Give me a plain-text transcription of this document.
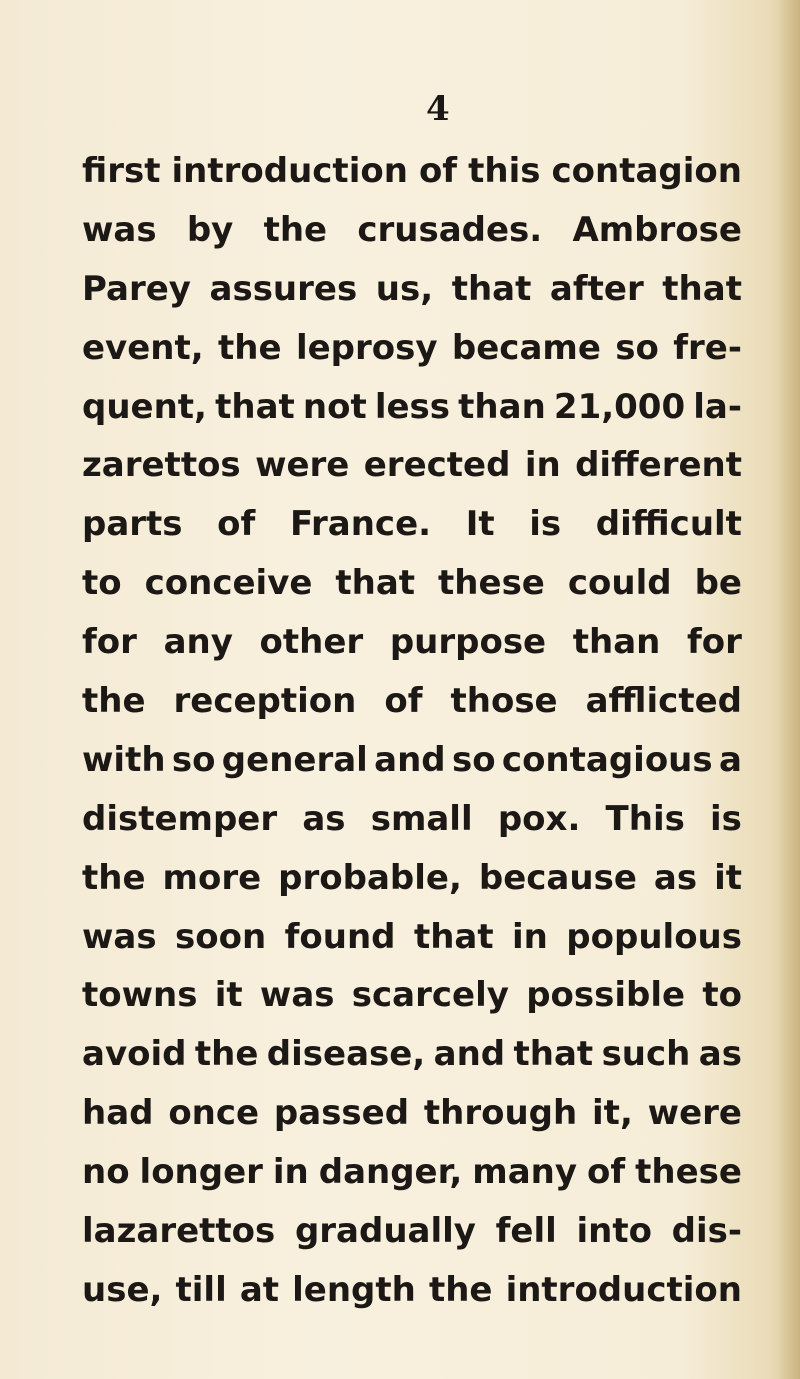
4
first introduction of this contagion
was by the crusades. Ambrose
Parey assures us, that after that
event, the leprosy became so fre-
quent, that not less than 21,000 la-
zarettos were erected in different
parts of France. It is difficult
to conceive that these could be
for any other purpose than for
the reception of those afflicted
with so general and so contagious a
distemper as small pox. This is
the more probable, because as it
was soon found that in populous
towns it was scarcely possible to
avoid the disease, and that such as
had once passed through it, were
no longer in danger, many of these
lazarettos gradually fell into dis-
use, till at length the introduction
